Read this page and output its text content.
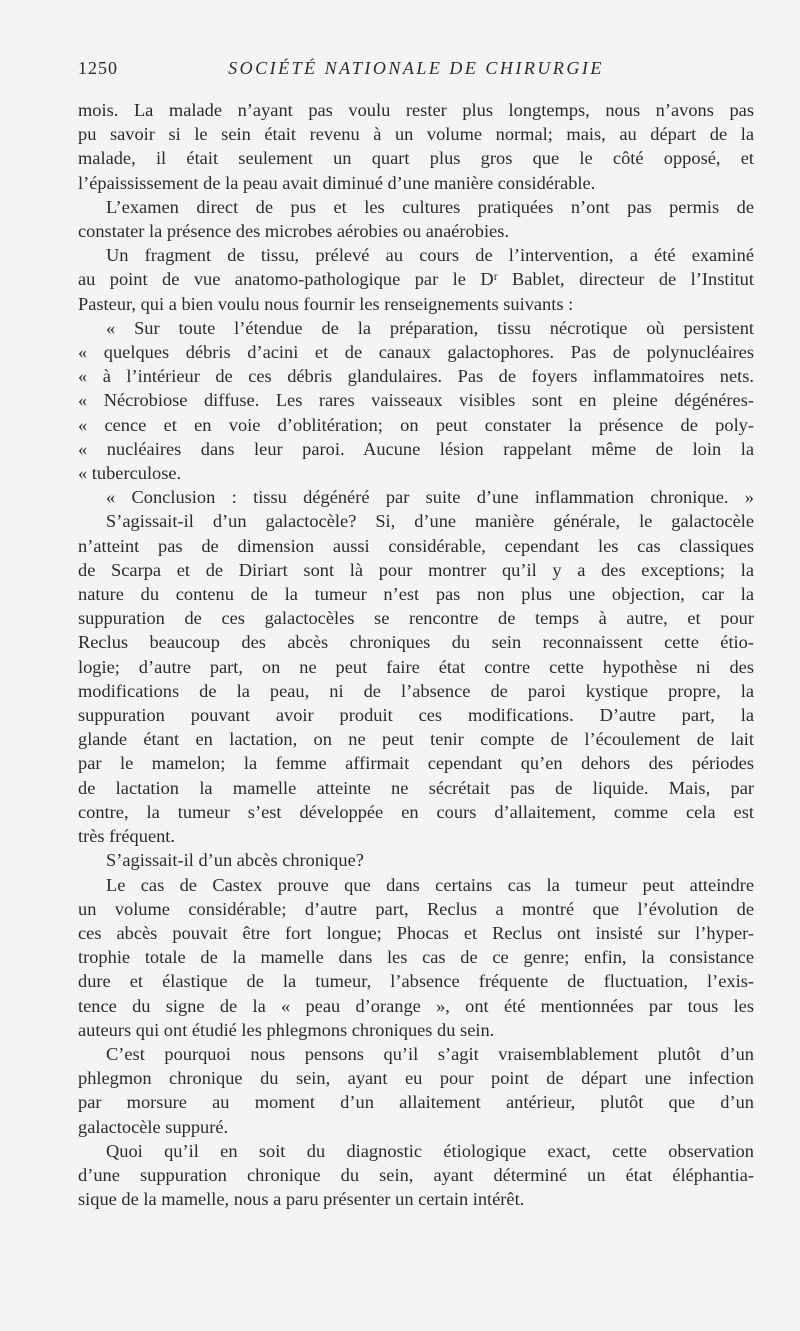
1250	SOCIÉTÉ NATIONALE DE CHIRURGIE

mois. La malade n’ayant pas voulu rester plus longtemps, nous n’avons pas

pu savoir si le sein était revenu à un volume normal; mais, au départ de la

malade, il était seulement un quart plus gros que le côté opposé, et

l’épaississement de la peau avait diminué d’une manière considérable.

L’examen direct de pus et les cultures pratiquées n’ont pas permis de

constater la présence des microbes aérobies ou anaérobies.

Un fragment de tissu, prélevé au cours de l’intervention, a été examiné

au point de vue anatomo-pathologique par le Dʳ Bablet, directeur de l’Institut

Pasteur, qui a bien voulu nous fournir les renseignements suivants :

« Sur toute l’étendue de la préparation, tissu nécrotique où persistent

« quelques débris d’acini et de canaux galactophores. Pas de polynucléaires

« à l’intérieur de ces débris glandulaires. Pas de foyers inflammatoires nets.

« Nécrobiose diffuse. Les rares vaisseaux visibles sont en pleine dégénéres-

« cence et en voie d’oblitération; on peut constater la présence de poly-

« nucléaires dans leur paroi. Aucune lésion rappelant même de loin la

« tuberculose.

« Conclusion : tissu dégénéré par suite d’une inflammation chronique. »

S’agissait-il d’un galactocèle? Si, d’une manière générale, le galactocèle

n’atteint pas de dimension aussi considérable, cependant les cas classiques

de Scarpa et de Diriart sont là pour montrer qu’il y a des exceptions; la

nature du contenu de la tumeur n’est pas non plus une objection, car la

suppuration de ces galactocèles se rencontre de temps à autre, et pour

Reclus beaucoup des abcès chroniques du sein reconnaissent cette étio-

logie; d’autre part, on ne peut faire état contre cette hypothèse ni des

modifications de la peau, ni de l’absence de paroi kystique propre, la

suppuration pouvant avoir produit ces modifications. D’autre part, la

glande étant en lactation, on ne peut tenir compte de l’écoulement de lait

par le mamelon; la femme affirmait cependant qu’en dehors des périodes

de lactation la mamelle atteinte ne sécrétait pas de liquide. Mais, par

contre, la tumeur s’est développée en cours d’allaitement, comme cela est

très fréquent.

S’agissait-il d’un abcès chronique?

Le cas de Castex prouve que dans certains cas la tumeur peut atteindre

un volume considérable; d’autre part, Reclus a montré que l’évolution de

ces abcès pouvait être fort longue; Phocas et Reclus ont insisté sur l’hyper-

trophie totale de la mamelle dans les cas de ce genre; enfin, la consistance

dure et élastique de la tumeur, l’absence fréquente de fluctuation, l’exis-

tence du signe de la « peau d’orange », ont été mentionnées par tous les

auteurs qui ont étudié les phlegmons chroniques du sein.

C’est pourquoi nous pensons qu’il s’agit vraisemblablement plutôt d’un

phlegmon chronique du sein, ayant eu pour point de départ une infection

par morsure au moment d’un allaitement antérieur, plutôt que d’un

galactocèle suppuré.

Quoi qu’il en soit du diagnostic étiologique exact, cette observation

d’une suppuration chronique du sein, ayant déterminé un état éléphantia-

sique de la mamelle, nous a paru présenter un certain intérêt.
